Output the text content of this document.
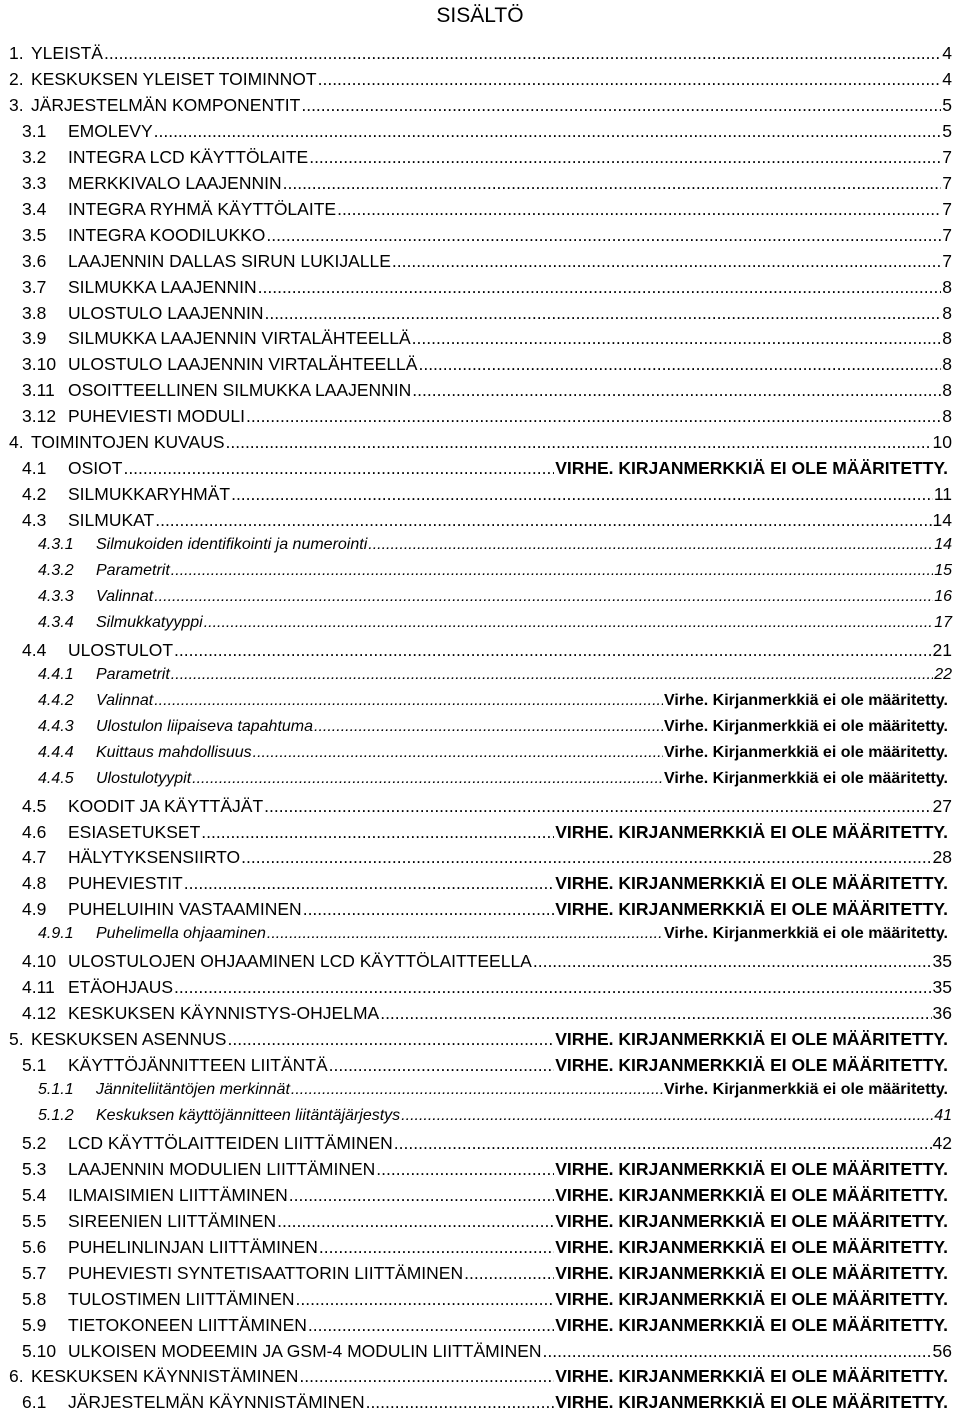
SISÄLTÖ
1. YLEISTÄ .....	4
2. KESKUKSEN YLEISET TOIMINNOT .....	4
3. JÄRJESTELMÄN KOMPONENTIT .....	5
3.1	EMOLEVY .....	5
3.2	INTEGRA LCD KÄYTTÖLAITE .....	7
3.3	MERKKIVALO LAAJENNIN .....	7
3.4	INTEGRA RYHMÄ KÄYTTÖLAITE .....	7
3.5	INTEGRA KOODILUKKO .....	7
3.6	LAAJENNIN DALLAS SIRUN LUKIJALLE .....	7
3.7	SILMUKKA LAAJENNIN .....	8
3.8	ULOSTULO LAAJENNIN .....	8
3.9	SILMUKKA LAAJENNIN VIRTALÄHTEELLÄ .....	8
3.10 ULOSTULO LAAJENNIN VIRTALÄHTEELLÄ .....	8
3.11 OSOITTEELLINEN SILMUKKA LAAJENNIN .....	8
3.12 PUHEVIESTI MODULI .....	8
4. TOIMINTOJEN KUVAUS .....	10
4.1	OSIOT .....	VIRHE. KIRJANMERKKIÄ EI OLE MÄÄRITETTY.
4.2	SILMUKKARYHMÄT .....	11
4.3	SILMUKAT .....	14
4.3.1	Silmukoiden identifikointi ja numerointi .....	14
4.3.2	Parametrit .....	15
4.3.3	Valinnat .....	16
4.3.4	Silmukkatyyppi .....	17
4.4	ULOSTULOT .....	21
4.4.1	Parametrit .....	22
4.4.2	Valinnat .....	Virhe. Kirjanmerkkiä ei ole määritetty.
4.4.3	Ulostulon liipaiseva tapahtuma .....	Virhe. Kirjanmerkkiä ei ole määritetty.
4.4.4	Kuittaus mahdollisuus .....	Virhe. Kirjanmerkkiä ei ole määritetty.
4.4.5	Ulostulotyypit .....	Virhe. Kirjanmerkkiä ei ole määritetty.
4.5	KOODIT JA KÄYTTÄJÄT .....	27
4.6	ESIASETUKSET .....	VIRHE. KIRJANMERKKIÄ EI OLE MÄÄRITETTY.
4.7	HÄLYTYKSENSIIRTO .....	28
4.8	PUHEVIESTIT .....	VIRHE. KIRJANMERKKIÄ EI OLE MÄÄRITETTY.
4.9	PUHELUIHIN VASTAAMINEN .....	VIRHE. KIRJANMERKKIÄ EI OLE MÄÄRITETTY.
4.9.1	Puhelimella ohjaaminen .....	Virhe. Kirjanmerkkiä ei ole määritetty.
4.10 ULOSTULOJEN OHJAAMINEN LCD KÄYTTÖLAITTEELLA .....	35
4.11 ETÄOHJAUS .....	35
4.12 KESKUKSEN KÄYNNISTYS-OHJELMA .....	36
5. KESKUKSEN ASENNUS .....	VIRHE. KIRJANMERKKIÄ EI OLE MÄÄRITETTY.
5.1	KÄYTTÖJÄNNITTEEN LIITÄNTÄ .....	VIRHE. KIRJANMERKKIÄ EI OLE MÄÄRITETTY.
5.1.1	Jänniteliitäntöjen merkinnät .....	Virhe. Kirjanmerkkiä ei ole määritetty.
5.1.2	Keskuksen käyttöjännitteen liitäntäjärjestys .....	41
5.2	LCD KÄYTTÖLAITTEIDEN LIITTÄMINEN .....	42
5.3	LAAJENNIN MODULIEN LIITTÄMINEN .....	VIRHE. KIRJANMERKKIÄ EI OLE MÄÄRITETTY.
5.4	ILMAISIMIEN LIITTÄMINEN .....	VIRHE. KIRJANMERKKIÄ EI OLE MÄÄRITETTY.
5.5	SIREENIEN LIITTÄMINEN .....	VIRHE. KIRJANMERKKIÄ EI OLE MÄÄRITETTY.
5.6	PUHELINLINJAN LIITTÄMINEN .....	VIRHE. KIRJANMERKKIÄ EI OLE MÄÄRITETTY.
5.7	PUHEVIESTI SYNTETISAATTORIN LIITTÄMINEN .....	VIRHE. KIRJANMERKKIÄ EI OLE MÄÄRITETTY.
5.8	TULOSTIMEN LIITTÄMINEN .....	VIRHE. KIRJANMERKKIÄ EI OLE MÄÄRITETTY.
5.9	TIETOKONEEN LIITTÄMINEN .....	VIRHE. KIRJANMERKKIÄ EI OLE MÄÄRITETTY.
5.10 ULKOISEN MODEEMIN JA GSM-4 MODULIN LIITTÄMINEN .....	56
6. KESKUKSEN KÄYNNISTÄMINEN .....	VIRHE. KIRJANMERKKIÄ EI OLE MÄÄRITETTY.
6.1	JÄRJESTELMÄN KÄYNNISTÄMINEN .....	VIRHE. KIRJANMERKKIÄ EI OLE MÄÄRITETTY.
